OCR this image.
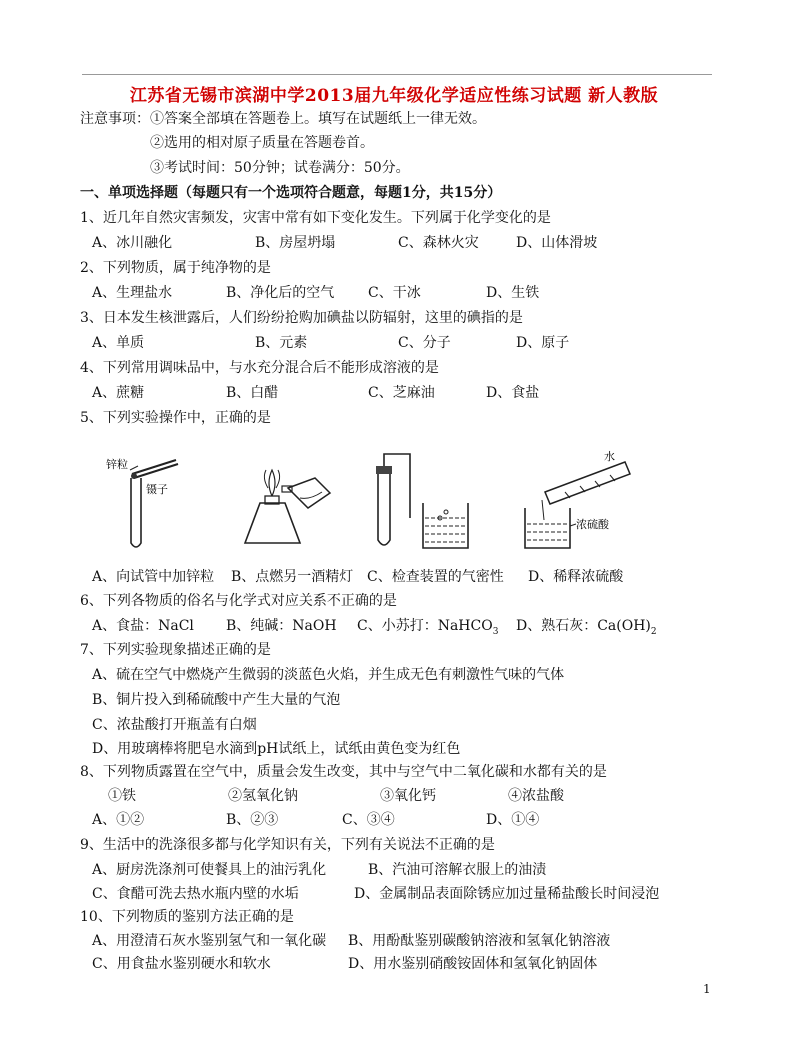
江苏省无锡市滨湖中学2013届九年级化学适应性练习试题 新人教版
注意事项：①答案全部填在答题卷上。填写在试题纸上一律无效。
②选用的相对原子质量在答题卷首。
③考试时间：50分钟；试卷满分：50分。
一、单项选择题（每题只有一个选项符合题意，每题1分，共15分）
1、近几年自然灾害频发，灾害中常有如下变化发生。下列属于化学变化的是
A、冰川融化	B、房屋坍塌	C、森林火灾	D、山体滑坡
2、下列物质，属于纯净物的是
A、生理盐水	B、净化后的空气 C、干冰	D、生铁
3、日本发生核泄露后，人们纷纷抢购加碘盐以防辐射，这里的碘指的是
A、单质	B、元素	C、分子	D、原子
4、下列常用调味品中，与水充分混合后不能形成溶液的是
A、蔗糖	B、白醋	C、芝麻油	D、食盐
5、下列实验操作中，正确的是
锌粒
镊子
水
浓硫酸
A、向试管中加锌粒 B、点燃另一酒精灯 C、检查装置的气密性 D、稀释浓硫酸
6、下列各物质的俗名与化学式对应关系不正确的是
A、食盐：NaCl B、纯碱：NaOH C、小苏打：NaHCO$_3$ D、熟石灰：$Ca(OH)_2$
7、下列实验现象描述正确的是
A、硫在空气中燃烧产生微弱的淡蓝色火焰，并生成无色有刺激性气味的气体
B、铜片投入到稀硫酸中产生大量的气泡
C、浓盐酸打开瓶盖有白烟
D、用玻璃棒将肥皂水滴到pH试纸上，试纸由黄色变为红色
8、下列物质露置在空气中，质量会发生改变，其中与空气中二氧化碳和水都有关的是
①铁	②氢氧化钠	③氧化钙	④浓盐酸
A、①②	B、②③	C、③④	D、①④
9、生活中的洗涤很多都与化学知识有关，下列有关说法不正确的是
A、厨房洗涤剂可使餐具上的油污乳化	B、汽油可溶解衣服上的油渍
C、食醋可洗去热水瓶内壁的水垢	D、金属制品表面除锈应加过量稀盐酸长时间浸泡
10、下列物质的鉴别方法正确的是
A、用澄清石灰水鉴别氢气和一氧化碳 B、用酚酞鉴别碳酸钠溶液和氢氧化钠溶液
C、用食盐水鉴别硬水和软水	D、用水鉴别硝酸铵固体和氢氧化钠固体
1
